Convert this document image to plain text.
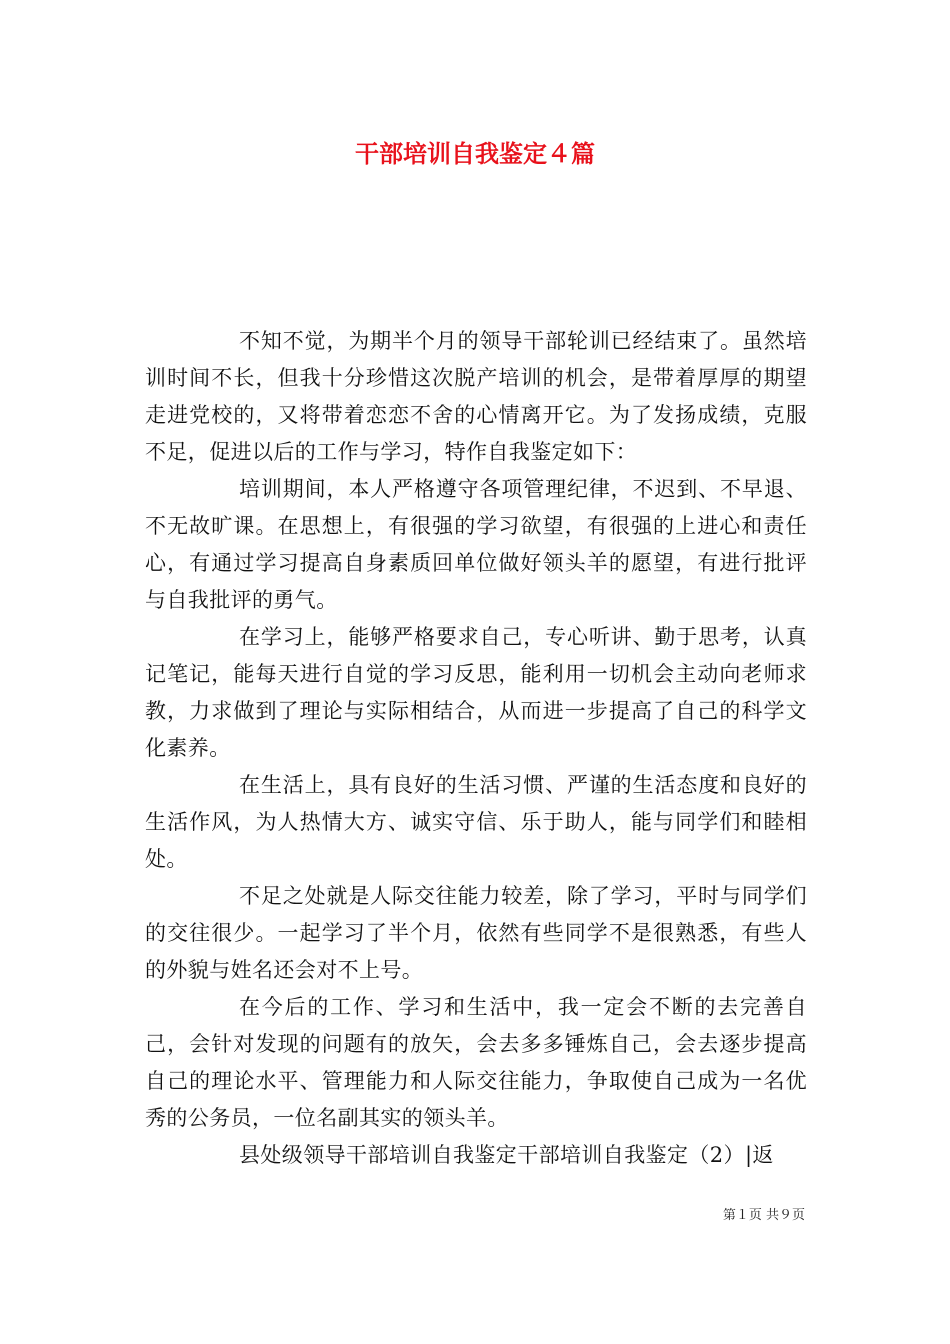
干部培训自我鉴定４篇

不知不觉，为期半个月的领导干部轮训已经结束了。虽然培训时间不长，但我十分珍惜这次脱产培训的机会，是带着厚厚的期望走进党校的，又将带着恋恋不舍的心情离开它。为了发扬成绩，克服不足，促进以后的工作与学习，特作自我鉴定如下：

培训期间，本人严格遵守各项管理纪律，不迟到、不早退、不无故旷课。在思想上，有很强的学习欲望，有很强的上进心和责任心，有通过学习提高自身素质回单位做好领头羊的愿望，有进行批评与自我批评的勇气。

在学习上，能够严格要求自己，专心听讲、勤于思考，认真记笔记，能每天进行自觉的学习反思，能利用一切机会主动向老师求教，力求做到了理论与实际相结合，从而进一步提高了自己的科学文化素养。

在生活上，具有良好的生活习惯、严谨的生活态度和良好的生活作风，为人热情大方、诚实守信、乐于助人，能与同学们和睦相处。

不足之处就是人际交往能力较差，除了学习，平时与同学们的交往很少。一起学习了半个月，依然有些同学不是很熟悉，有些人的外貌与姓名还会对不上号。

在今后的工作、学习和生活中，我一定会不断的去完善自己，会针对发现的问题有的放矢，会去多多锤炼自己，会去逐步提高自己的理论水平、管理能力和人际交往能力，争取使自己成为一名优秀的公务员，一位名副其实的领头羊。

县处级领导干部培训自我鉴定干部培训自我鉴定（2）|返

第１页 共９页
